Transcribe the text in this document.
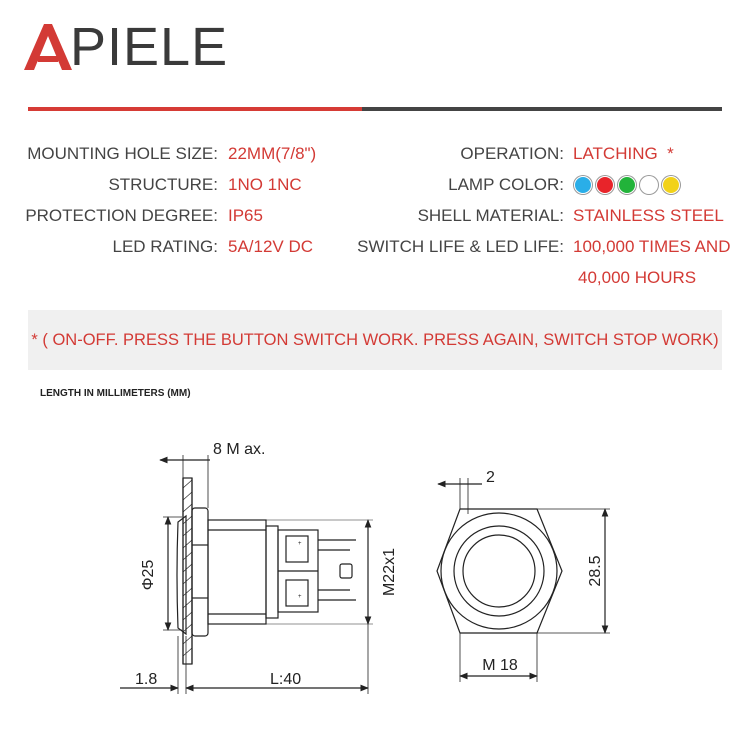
PIELE
MOUNTING HOLE SIZE: 22MM(7/8")
STRUCTURE: 1NO 1NC
PROTECTION DEGREE: IP65
LED RATING: 5A/12V DC
OPERATION: LATCHING  *
LAMP COLOR:
SHELL MATERIAL: STAINLESS STEEL
SWITCH LIFE & LED LIFE: 100,000 TIMES AND
40,000 HOURS
* ( ON-OFF. PRESS THE BUTTON SWITCH WORK. PRESS AGAIN, SWITCH STOP WORK)
LENGTH IN MILLIMETERS (MM)
8 M ax.
Φ25	M22x1
1.8	L:40
2
28.5
M 18
+
+
